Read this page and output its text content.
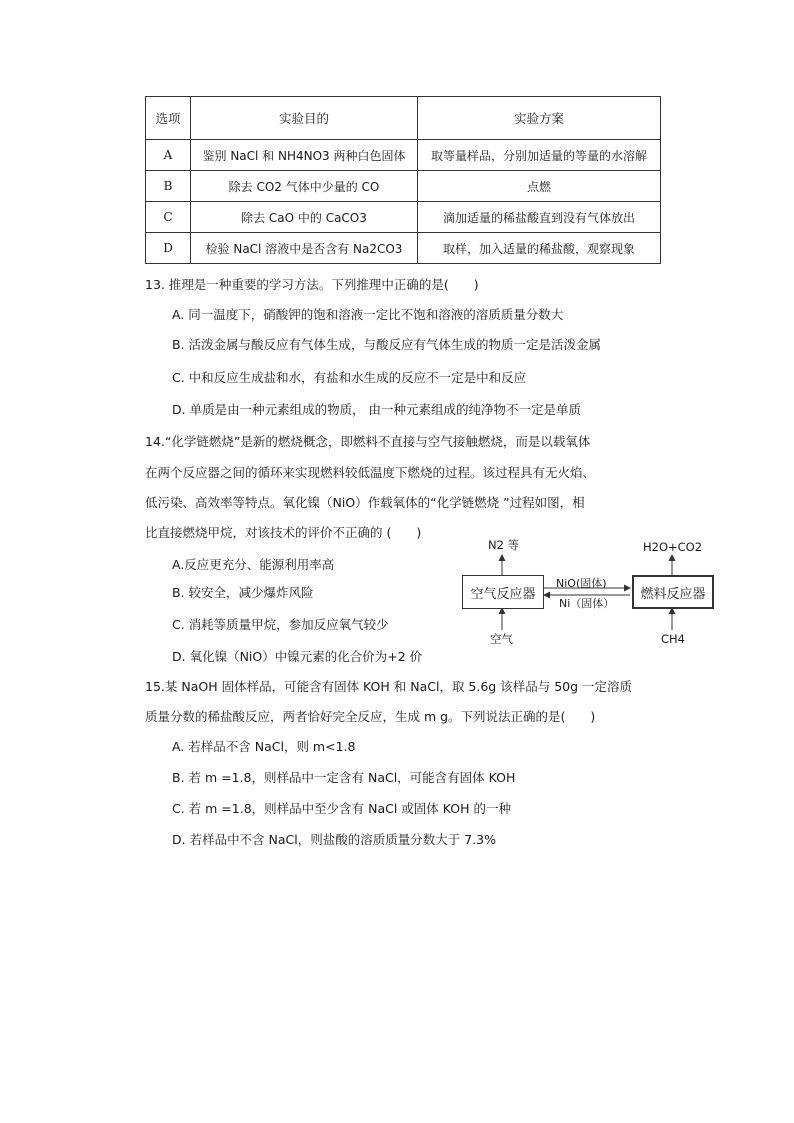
选项	实验目的	实验方案
A	鉴别 NaCl 和 NH4NO3 两种白色固体	取等量样品，分别加适量的等量的水溶解
B	除去 CO2 气体中少量的 CO	点燃
C	除去 CaO 中的 CaCO3	滴加适量的稀盐酸直到没有气体放出
D	检验 NaCl 溶液中是否含有 Na2CO3	取样，加入适量的稀盐酸，观察现象
13. 推理是一种重要的学习方法。下列推理中正确的是(　　)
A. 同一温度下，硝酸钾的饱和溶液一定比不饱和溶液的溶质质量分数大
B. 活泼金属与酸反应有气体生成，与酸反应有气体生成的物质一定是活泼金属
C. 中和反应生成盐和水，有盐和水生成的反应不一定是中和反应
D. 单质是由一种元素组成的物质， 由一种元素组成的纯净物不一定是单质
14.“化学链燃烧”是新的燃烧概念，即燃料不直接与空气接触燃烧，而是以载氧体
在两个反应器之间的循环来实现燃料较低温度下燃烧的过程。该过程具有无火焰、
低污染、高效率等特点。氧化镍（NiO）作载氧体的“化学链燃烧 ”过程如图，相
比直接燃烧甲烷，对该技术的评价不正确的 (　　)
A.反应更充分、能源利用率高
B. 较安全，减少爆炸风险
C. 消耗等质量甲烷，参加反应氧气较少
D. 氧化镍（NiO）中镍元素的化合价为+2 价
空气反应器	燃料反应器
N2 等	H2O+CO2
NiO(固体)
Ni（固体）
空气	CH4
15.某 NaOH 固体样品，可能含有固体 KOH 和 NaCl，取 5.6g 该样品与 50g 一定溶质
质量分数的稀盐酸反应，两者恰好完全反应，生成 m g。下列说法正确的是(　　)
A. 若样品不含 NaCl，则 m<1.8
B. 若 m =1.8，则样品中一定含有 NaCl，可能含有固体 KOH
C. 若 m =1.8，则样品中至少含有 NaCl 或固体 KOH 的一种
D. 若样品中不含 NaCl，则盐酸的溶质质量分数大于 7.3%
